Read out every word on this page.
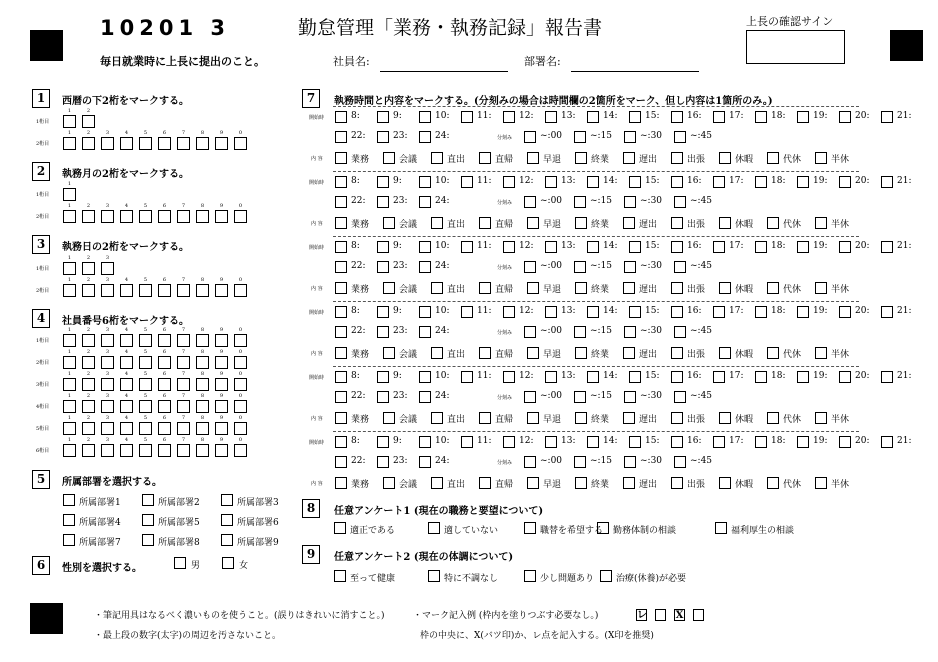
10201 3	勤怠管理「業務・執務記録」報告書	上長の確認サイン
毎日就業時に上長に提出のこと。	社員名:	部署名:
1	西暦の下2桁をマークする。
2	執務月の2桁をマークする。
3	執務日の2桁をマークする。
4	社員番号6桁をマークする。
5	所属部署を選択する。
6	性別を選択する。
7	執務時間と内容をマークする。(分刻みの場合は時間欄の2箇所をマーク、但し内容は1箇所のみ。)
8	任意アンケート1 (現在の職務と要望について)
9	任意アンケート2 (現在の体調について)
1桁目
1	2
2桁目
1	2	3	4	5	6	7	8	9	0
1桁目
1
2桁目
1	2	3	4	5	6	7	8	9	0
1桁目
1	2	3
2桁目
1	2	3	4	5	6	7	8	9	0
1桁目
1	2	3	4	5	6	7	8	9	0
2桁目
1	2	3	4	5	6	7	8	9	0
3桁目
1	2	3	4	5	6	7	8	9	0
4桁目
1	2	3	4	5	6	7	8	9	0
5桁目
1	2	3	4	5	6	7	8	9	0
6桁目
1	2	3	4	5	6	7	8	9	0
所属部署1	所属部署2	所属部署3
所属部署4	所属部署5	所属部署6
所属部署7	所属部署8	所属部署9
男	女
開始時	8:	9:	10:	11:	12:	13:	14:	15:	16:	17:	18:	19:	20:	21:
22:	23:	24:	分刻み	~:00	~:15	~:30	~:45
内 容	業務	会議	直出	直帰	早退	終業	遅出	出張	休暇	代休	半休
開始時	8:	9:	10:	11:	12:	13:	14:	15:	16:	17:	18:	19:	20:	21:
22:	23:	24:	分刻み	~:00	~:15	~:30	~:45
内 容	業務	会議	直出	直帰	早退	終業	遅出	出張	休暇	代休	半休
開始時	8:	9:	10:	11:	12:	13:	14:	15:	16:	17:	18:	19:	20:	21:
22:	23:	24:	分刻み	~:00	~:15	~:30	~:45
内 容	業務	会議	直出	直帰	早退	終業	遅出	出張	休暇	代休	半休
開始時	8:	9:	10:	11:	12:	13:	14:	15:	16:	17:	18:	19:	20:	21:
22:	23:	24:	分刻み	~:00	~:15	~:30	~:45
内 容	業務	会議	直出	直帰	早退	終業	遅出	出張	休暇	代休	半休
開始時	8:	9:	10:	11:	12:	13:	14:	15:	16:	17:	18:	19:	20:	21:
22:	23:	24:	分刻み	~:00	~:15	~:30	~:45
内 容	業務	会議	直出	直帰	早退	終業	遅出	出張	休暇	代休	半休
開始時	8:	9:	10:	11:	12:	13:	14:	15:	16:	17:	18:	19:	20:	21:
22:	23:	24:	分刻み	~:00	~:15	~:30	~:45
内 容	業務	会議	直出	直帰	早退	終業	遅出	出張	休暇	代休	半休
適正である	適していない	職替を希望する 勤務体制の相談	福利厚生の相談
至って健康	特に不調なし	少し問題あり 治療(休養)が必要
・筆記用具はなるべく濃いものを使うこと。(誤りはきれいに消すこと。)
・最上段の数字(太字)の周辺を汚さないこと。
・マーク記入例 (枠内を塗りつぶす必要なし。)
枠の中央に、X(バツ印)か、レ点を記入する。(X印を推奨)
レ	X
